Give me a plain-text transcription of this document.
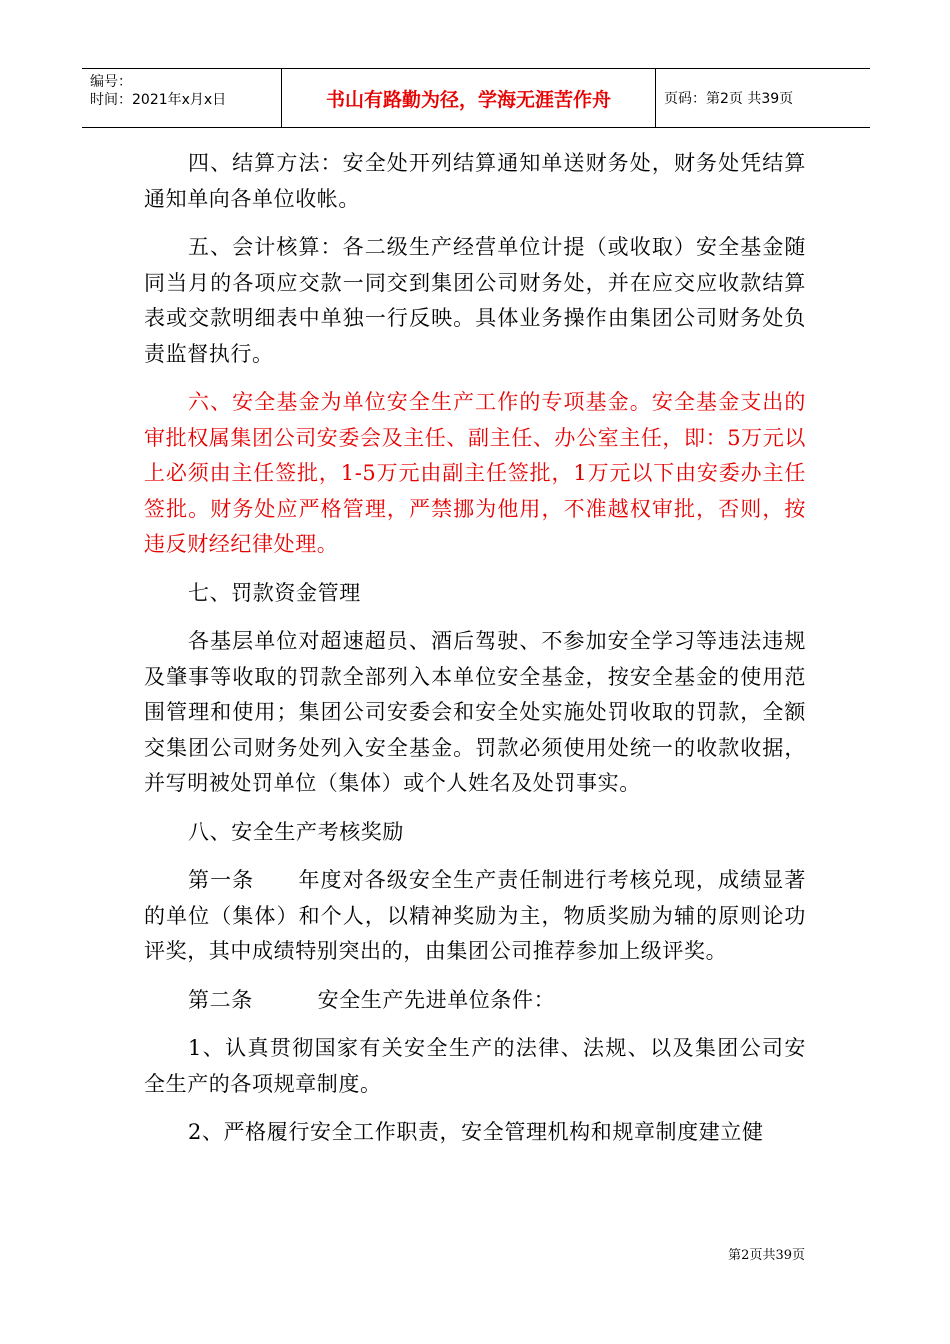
编号：
时间：2021年x月x日	书山有路勤为径，学海无涯苦作舟	页码：第2页 共39页

四、结算方法：安全处开列结算通知单送财务处，财务处凭结算通知单向各单位收帐。

五、会计核算：各二级生产经营单位计提（或收取）安全基金随同当月的各项应交款一同交到集团公司财务处，并在应交应收款结算表或交款明细表中单独一行反映。具体业务操作由集团公司财务处负责监督执行。

六、安全基金为单位安全生产工作的专项基金。安全基金支出的审批权属集团公司安委会及主任、副主任、办公室主任，即：5万元以上必须由主任签批，1-5万元由副主任签批，1万元以下由安委办主任签批。财务处应严格管理，严禁挪为他用，不准越权审批，否则，按违反财经纪律处理。

七、罚款资金管理

各基层单位对超速超员、酒后驾驶、不参加安全学习等违法违规及肇事等收取的罚款全部列入本单位安全基金，按安全基金的使用范围管理和使用；集团公司安委会和安全处实施处罚收取的罚款，全额交集团公司财务处列入安全基金。罚款必须使用处统一的收款收据，并写明被处罚单位（集体）或个人姓名及处罚事实。

八、安全生产考核奖励

第一条　　年度对各级安全生产责任制进行考核兑现，成绩显著的单位（集体）和个人，以精神奖励为主，物质奖励为辅的原则论功评奖，其中成绩特别突出的，由集团公司推荐参加上级评奖。

第二条　　　安全生产先进单位条件：

1、认真贯彻国家有关安全生产的法律、法规、以及集团公司安全生产的各项规章制度。

2、严格履行安全工作职责，安全管理机构和规章制度建立健

第2页共39页
